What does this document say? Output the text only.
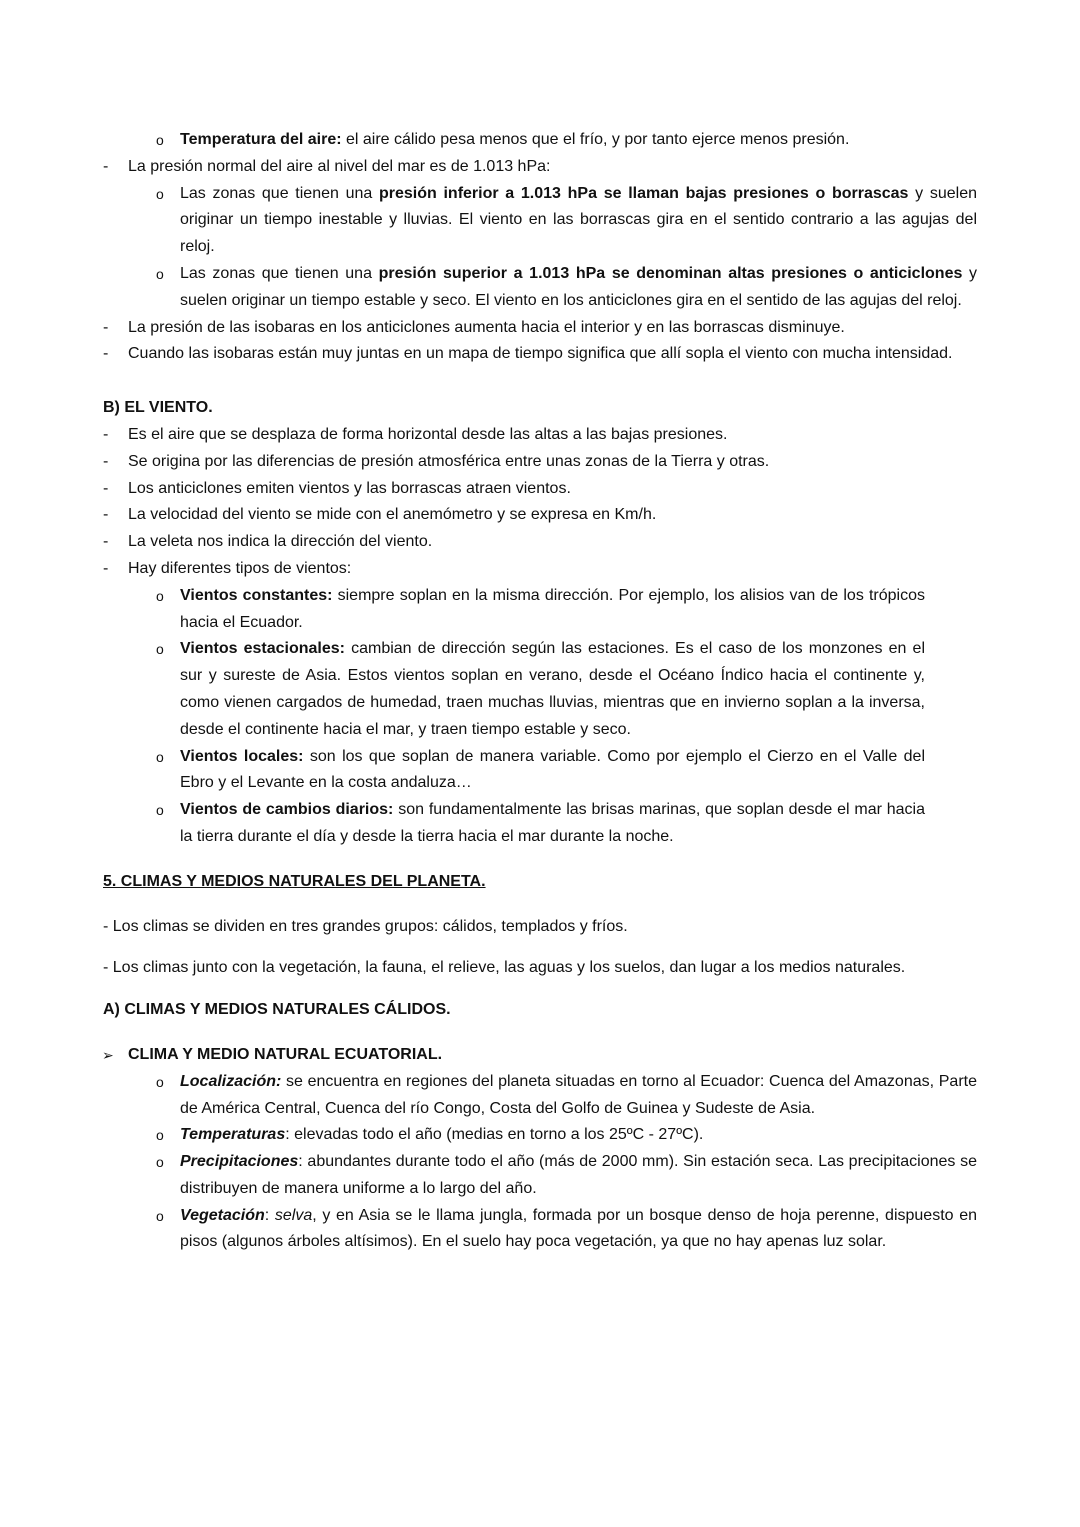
o Temperatura del aire: el aire cálido pesa menos que el frío, y por tanto ejerce menos presión.
- La presión normal del aire al nivel del mar es de 1.013 hPa:
o Las zonas que tienen una presión inferior a 1.013 hPa se llaman bajas presiones o borrascas y suelen originar un tiempo inestable y lluvias. El viento en las borrascas gira en el sentido contrario a las agujas del reloj.
o Las zonas que tienen una presión superior a 1.013 hPa se denominan altas presiones o anticiclones y suelen originar un tiempo estable y seco. El viento en los anticiclones gira en el sentido de las agujas del reloj.
- La presión de las isobaras en los anticiclones aumenta hacia el interior y en las borrascas disminuye.
- Cuando las isobaras están muy juntas en un mapa de tiempo significa que allí sopla el viento con mucha intensidad.
B) EL VIENTO.
- Es el aire que se desplaza de forma horizontal desde las altas a las bajas presiones.
- Se origina por las diferencias de presión atmosférica entre unas zonas de la Tierra y otras.
- Los anticiclones emiten vientos y las borrascas atraen vientos.
- La velocidad del viento se mide con el anemómetro y se expresa en Km/h.
- La veleta nos indica la dirección del viento.
- Hay diferentes tipos de vientos:
o Vientos constantes: siempre soplan en la misma dirección. Por ejemplo, los alisios van de los trópicos hacia el Ecuador.
o Vientos estacionales: cambian de dirección según las estaciones. Es el caso de los monzones en el sur y sureste de Asia. Estos vientos soplan en verano, desde el Océano Índico hacia el continente y, como vienen cargados de humedad, traen muchas lluvias, mientras que en invierno soplan a la inversa, desde el continente hacia el mar, y traen tiempo estable y seco.
o Vientos locales: son los que soplan de manera variable. Como por ejemplo el Cierzo en el Valle del Ebro y el Levante en la costa andaluza…
o Vientos de cambios diarios: son fundamentalmente las brisas marinas, que soplan desde el mar hacia la tierra durante el día y desde la tierra hacia el mar durante la noche.
5. CLIMAS Y MEDIOS NATURALES DEL PLANETA.
- Los climas se dividen en tres grandes grupos: cálidos, templados y fríos.
- Los climas junto con la vegetación, la fauna, el relieve, las aguas y los suelos, dan lugar a los medios naturales.
A) CLIMAS Y MEDIOS NATURALES CÁLIDOS.
➢ CLIMA Y MEDIO NATURAL ECUATORIAL.
o Localización: se encuentra en regiones del planeta situadas en torno al Ecuador: Cuenca del Amazonas, Parte de América Central, Cuenca del río Congo, Costa del Golfo de Guinea y Sudeste de Asia.
o Temperaturas: elevadas todo el año (medias en torno a los 25ºC - 27ºC).
o Precipitaciones: abundantes durante todo el año (más de 2000 mm). Sin estación seca. Las precipitaciones se distribuyen de manera uniforme a lo largo del año.
o Vegetación: selva, y en Asia se le llama jungla, formada por un bosque denso de hoja perenne, dispuesto en pisos (algunos árboles altísimos). En el suelo hay poca vegetación, ya que no hay apenas luz solar.
